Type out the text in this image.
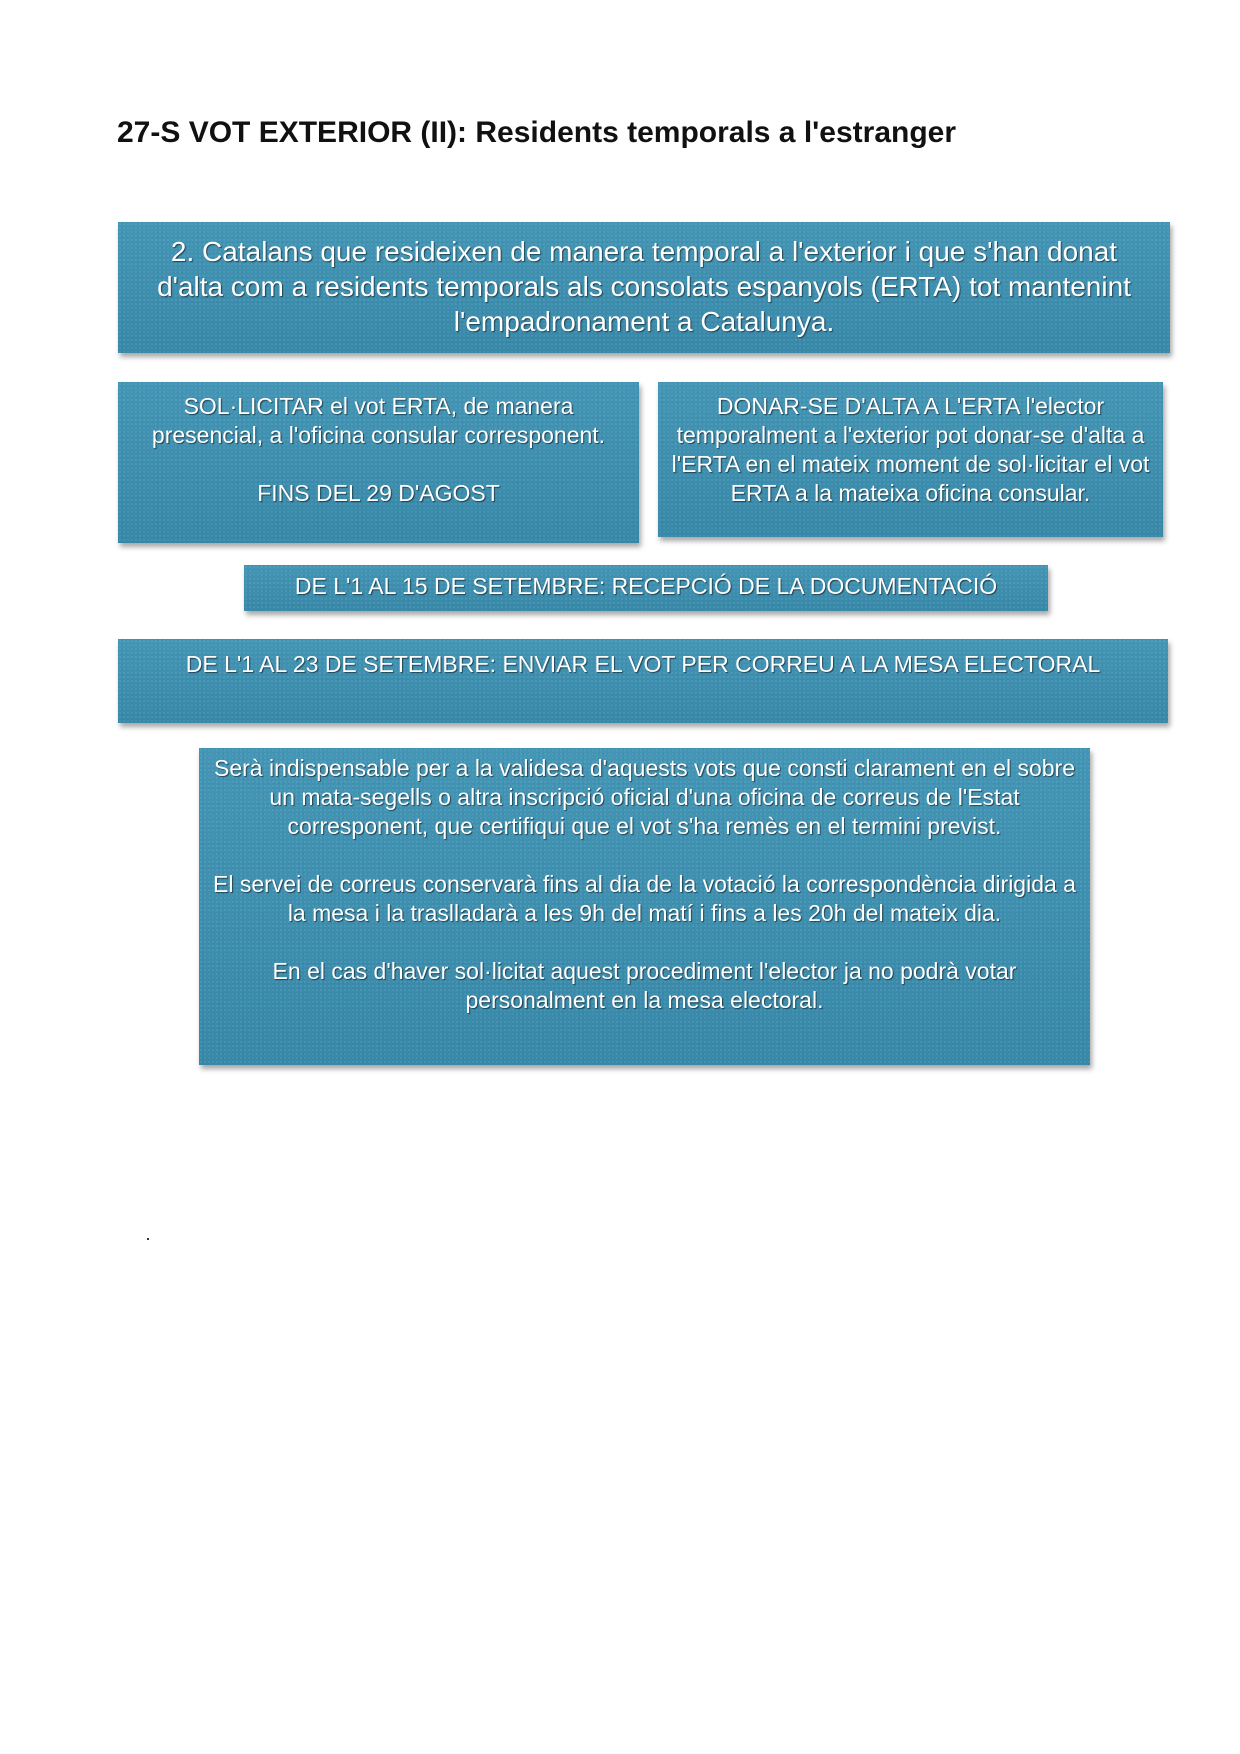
27-S VOT EXTERIOR (II): Residents temporals a l'estranger

2. Catalans que resideixen de manera temporal a l'exterior i que s'han donat d'alta com a residents temporals als consolats espanyols (ERTA) tot mantenint l'empadronament a Catalunya.

SOL·LICITAR el vot ERTA, de manera presencial, a l'oficina consular corresponent.

FINS DEL 29 D'AGOST

DONAR-SE D'ALTA A L'ERTA l'elector temporalment a l'exterior pot donar-se d'alta a l'ERTA en el mateix moment de sol·licitar el vot ERTA a la mateixa oficina consular.

DE L'1 AL 15 DE SETEMBRE: RECEPCIÓ DE LA DOCUMENTACIÓ

DE L'1 AL 23 DE SETEMBRE: ENVIAR EL VOT PER CORREU A LA MESA ELECTORAL

Serà indispensable per a la validesa d'aquests vots que consti clarament en el sobre un mata-segells o altra inscripció oficial d'una oficina de correus de l'Estat corresponent, que certifiqui que el vot s'ha remès en el termini previst.

El servei de correus conservarà fins al dia de la votació la correspondència dirigida a la mesa i la traslladarà a les 9h del matí i fins a les 20h del mateix dia.

En el cas d'haver sol·licitat aquest procediment l'elector ja no podrà votar personalment en la mesa electoral.
